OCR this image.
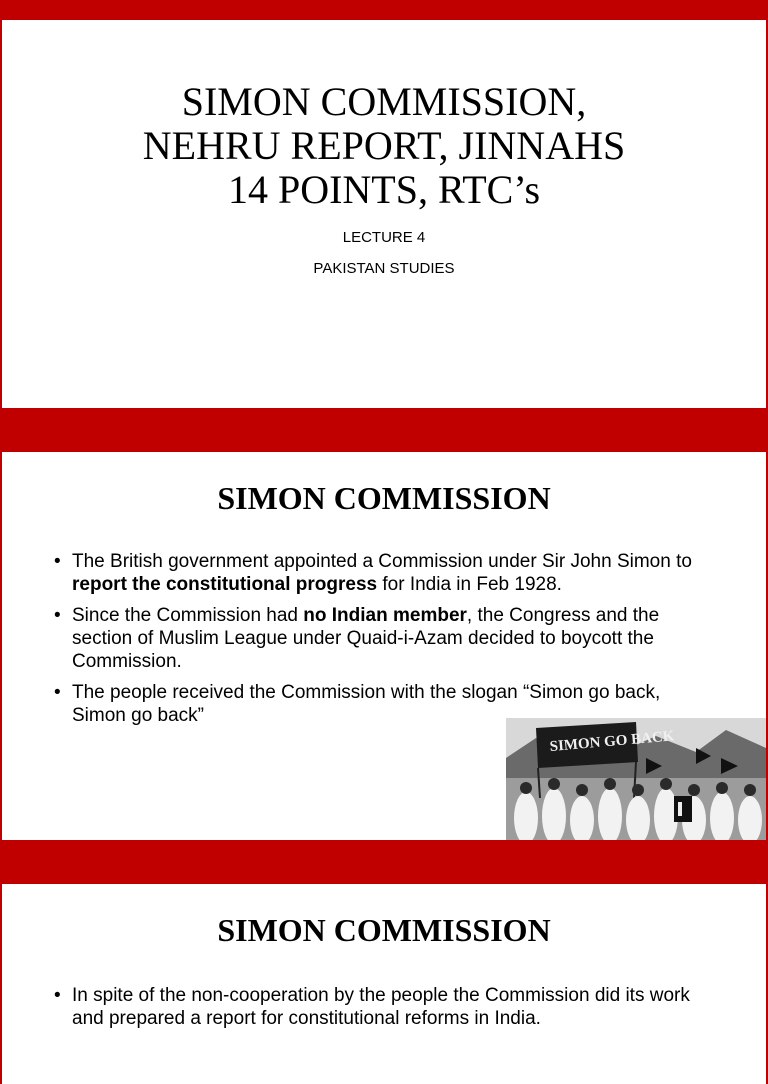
SIMON COMMISSION,
NEHRU REPORT, JINNAHS
14 POINTS, RTC’s
LECTURE 4
PAKISTAN STUDIES
SIMON COMMISSION
• The British government appointed a Commission under Sir John Simon to report the constitutional progress for India in Feb 1928.
• Since the Commission had no Indian member, the Congress and the section of Muslim League under Quaid-i-Azam decided to boycott the Commission.
• The people received the Commission with the slogan “Simon go back, Simon go back”
SIMON GO BACK
SIMON COMMISSION
• In spite of the non-cooperation by the people the Commission did its work and prepared a report for constitutional reforms in India.
